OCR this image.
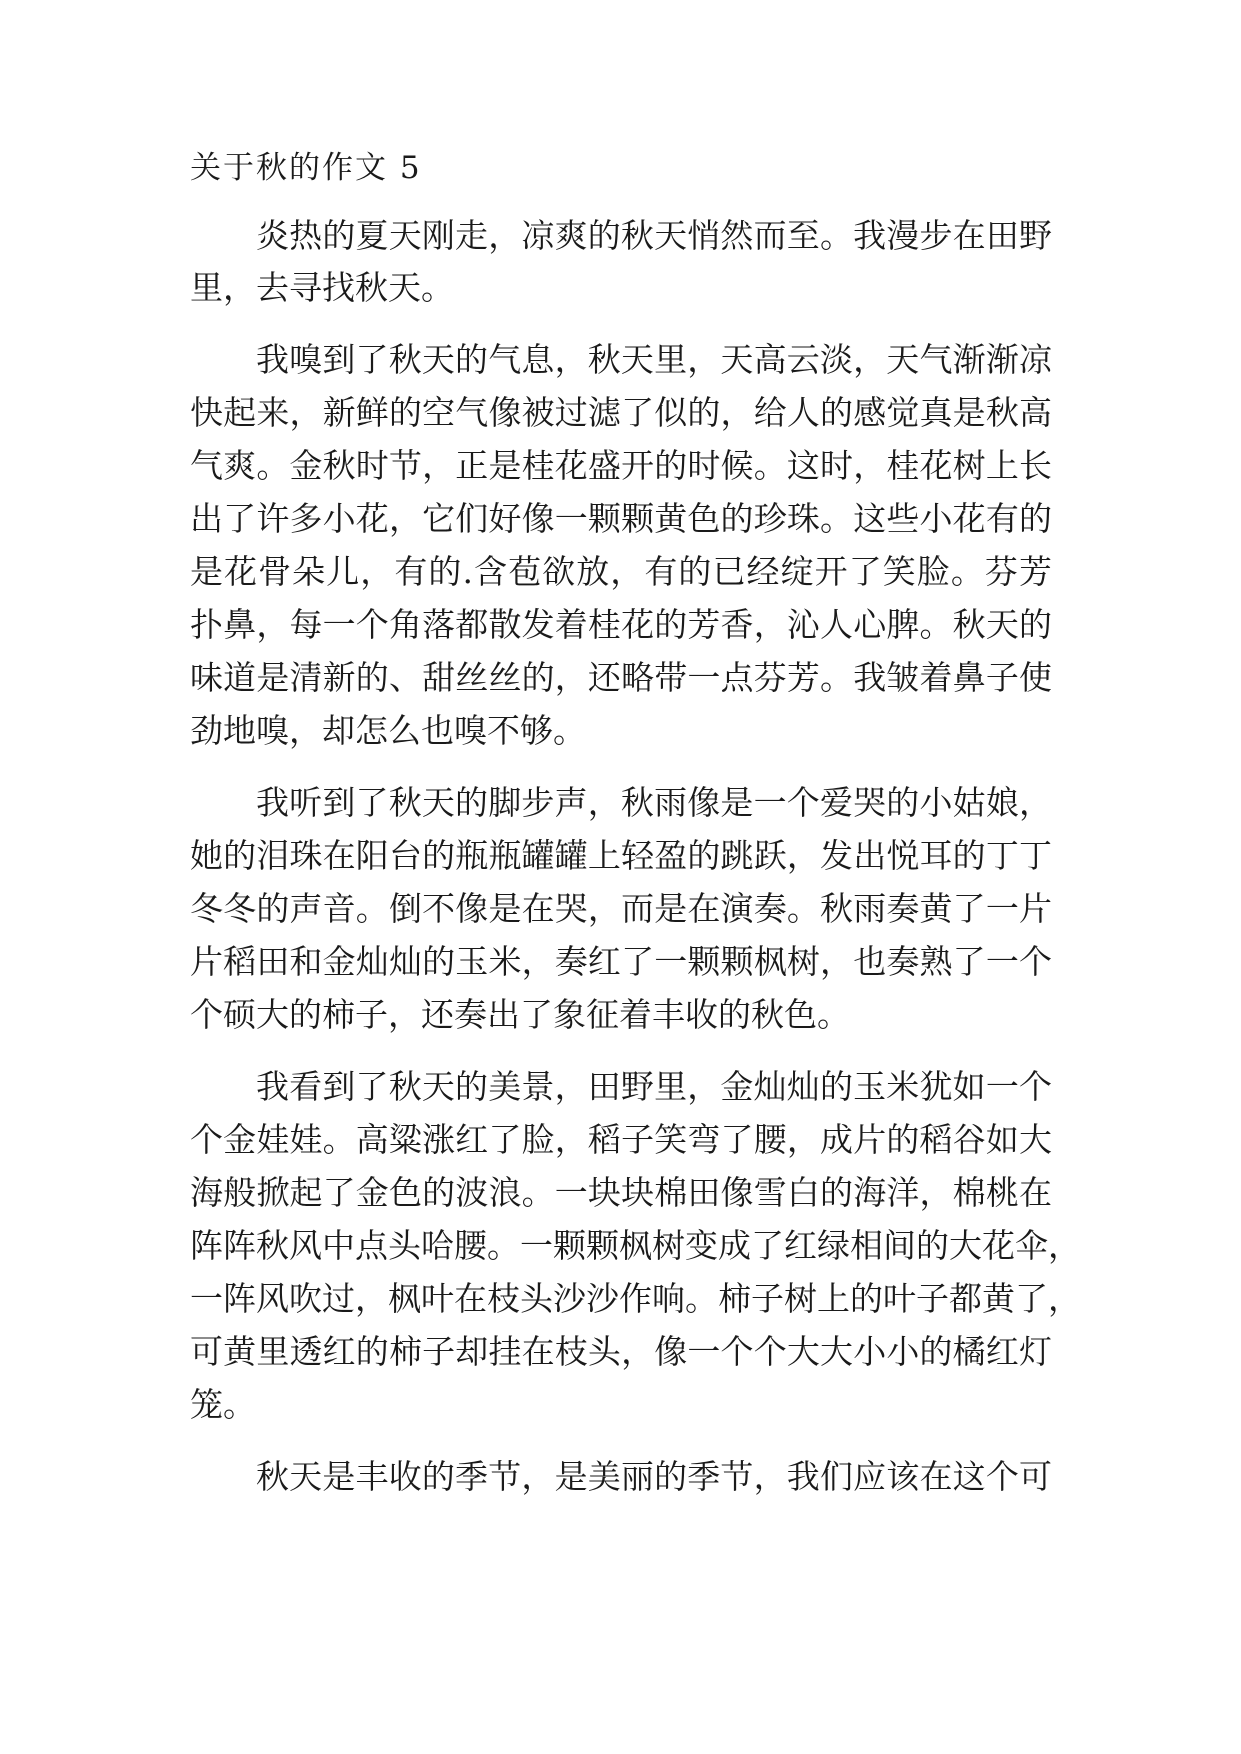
关于秋的作文 5
炎热的夏天刚走，凉爽的秋天悄然而至。我漫步在田野
里，去寻找秋天。
我嗅到了秋天的气息，秋天里，天高云淡，天气渐渐凉
快起来，新鲜的空气像被过滤了似的，给人的感觉真是秋高
气爽。金秋时节，正是桂花盛开的时候。这时，桂花树上长
出了许多小花，它们好像一颗颗黄色的珍珠。这些小花有的
是花骨朵儿，有的.含苞欲放，有的已经绽开了笑脸。芬芳
扑鼻，每一个角落都散发着桂花的芳香，沁人心脾。秋天的
味道是清新的、甜丝丝的，还略带一点芬芳。我皱着鼻子使
劲地嗅，却怎么也嗅不够。
我听到了秋天的脚步声，秋雨像是一个爱哭的小姑娘，
她的泪珠在阳台的瓶瓶罐罐上轻盈的跳跃，发出悦耳的丁丁
冬冬的声音。倒不像是在哭，而是在演奏。秋雨奏黄了一片
片稻田和金灿灿的玉米，奏红了一颗颗枫树，也奏熟了一个
个硕大的柿子，还奏出了象征着丰收的秋色。
我看到了秋天的美景，田野里，金灿灿的玉米犹如一个
个金娃娃。高粱涨红了脸，稻子笑弯了腰，成片的稻谷如大
海般掀起了金色的波浪。一块块棉田像雪白的海洋，棉桃在
阵阵秋风中点头哈腰。一颗颗枫树变成了红绿相间的大花伞，
一阵风吹过，枫叶在枝头沙沙作响。柿子树上的叶子都黄了，
可黄里透红的柿子却挂在枝头，像一个个大大小小的橘红灯
笼。
秋天是丰收的季节，是美丽的季节，我们应该在这个可
